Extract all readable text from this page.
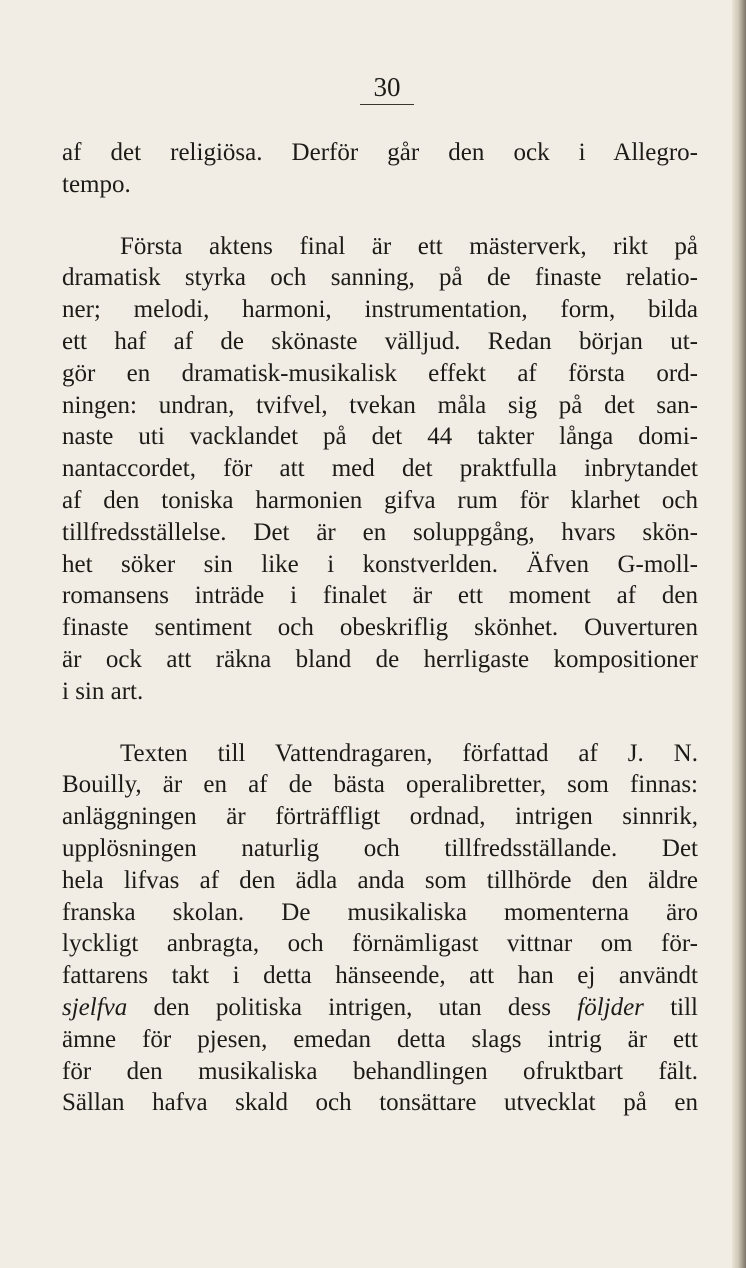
30
af det religiösa. Derför går den ock i Allegro-
tempo.
Första aktens final är ett mästerverk, rikt på
dramatisk styrka och sanning, på de finaste relatio-
ner; melodi, harmoni, instrumentation, form, bilda
ett haf af de skönaste välljud. Redan början ut-
gör en dramatisk-musikalisk effekt af första ord-
ningen: undran, tvifvel, tvekan måla sig på det san-
naste uti vacklandet på det 44 takter långa domi-
nantaccordet, för att med det praktfulla inbrytandet
af den toniska harmonien gifva rum för klarhet och
tillfredsställelse. Det är en soluppgång, hvars skön-
het söker sin like i konstverlden. Äfven G-moll-
romansens inträde i finalet är ett moment af den
finaste sentiment och obeskriflig skönhet. Ouverturen
är ock att räkna bland de herrligaste kompositioner
i sin art.
Texten till Vattendragaren, författad af J. N.
Bouilly, är en af de bästa operalibretter, som finnas:
anläggningen är förträffligt ordnad, intrigen sinnrik,
upplösningen naturlig och tillfredsställande. Det
hela lifvas af den ädla anda som tillhörde den äldre
franska skolan. De musikaliska momenterna äro
lyckligt anbragta, och förnämligast vittnar om för-
fattarens takt i detta hänseende, att han ej användt
sjelfva den politiska intrigen, utan dess följder till
ämne för pjesen, emedan detta slags intrig är ett
för den musikaliska behandlingen ofruktbart fält.
Sällan hafva skald och tonsättare utvecklat på en
